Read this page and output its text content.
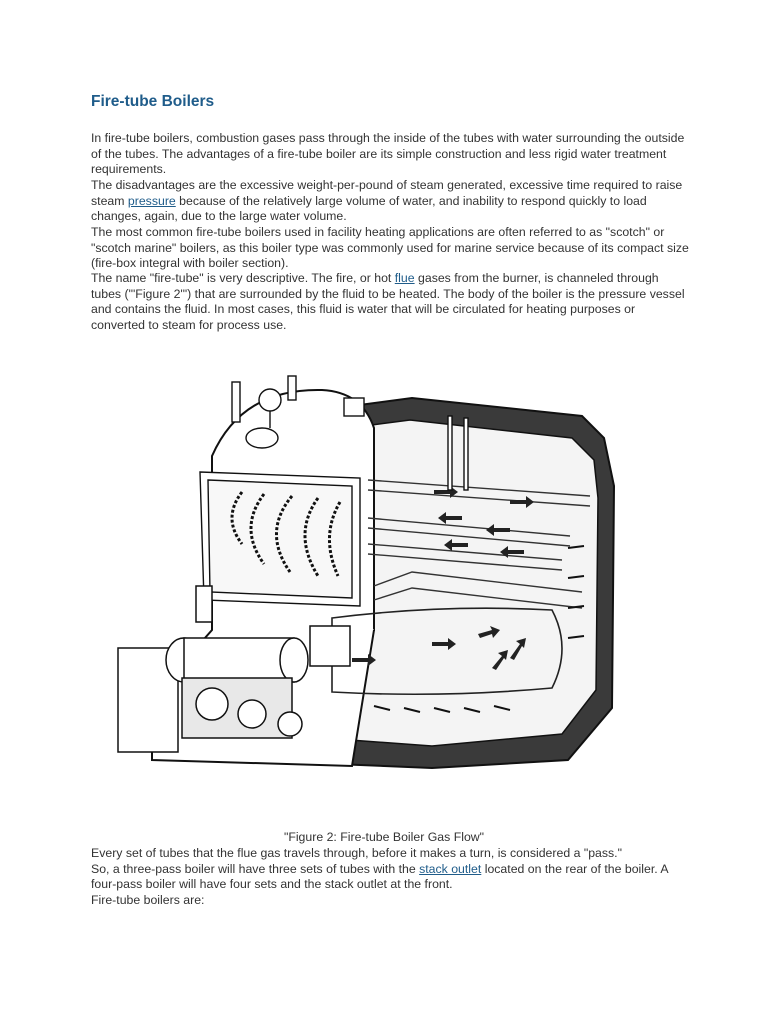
Fire-tube Boilers

In fire-tube boilers, combustion gases pass through the inside of the tubes with water surrounding the outside of the tubes. The advantages of a fire-tube boiler are its simple construction and less rigid water treatment requirements.

The disadvantages are the excessive weight-per-pound of steam generated, excessive time required to raise steam pressure because of the relatively large volume of water, and inability to respond quickly to load changes, again, due to the large water volume.

The most common fire-tube boilers used in facility heating applications are often referred to as "scotch" or "scotch marine" boilers, as this boiler type was commonly used for marine service because of its compact size (fire-box integral with boiler section).

The name "fire-tube" is very descriptive. The fire, or hot flue gases from the burner, is channeled through tubes ("'Figure 2'") that are surrounded by the fluid to be heated. The body of the boiler is the pressure vessel and contains the fluid. In most cases, this fluid is water that will be circulated for heating purposes or converted to steam for process use.

"Figure 2: Fire-tube Boiler Gas Flow"
Every set of tubes that the flue gas travels through, before it makes a turn, is considered a "pass."
So, a three-pass boiler will have three sets of tubes with the stack outlet located on the rear of the boiler. A four-pass boiler will have four sets and the stack outlet at the front.
Fire-tube boilers are:
